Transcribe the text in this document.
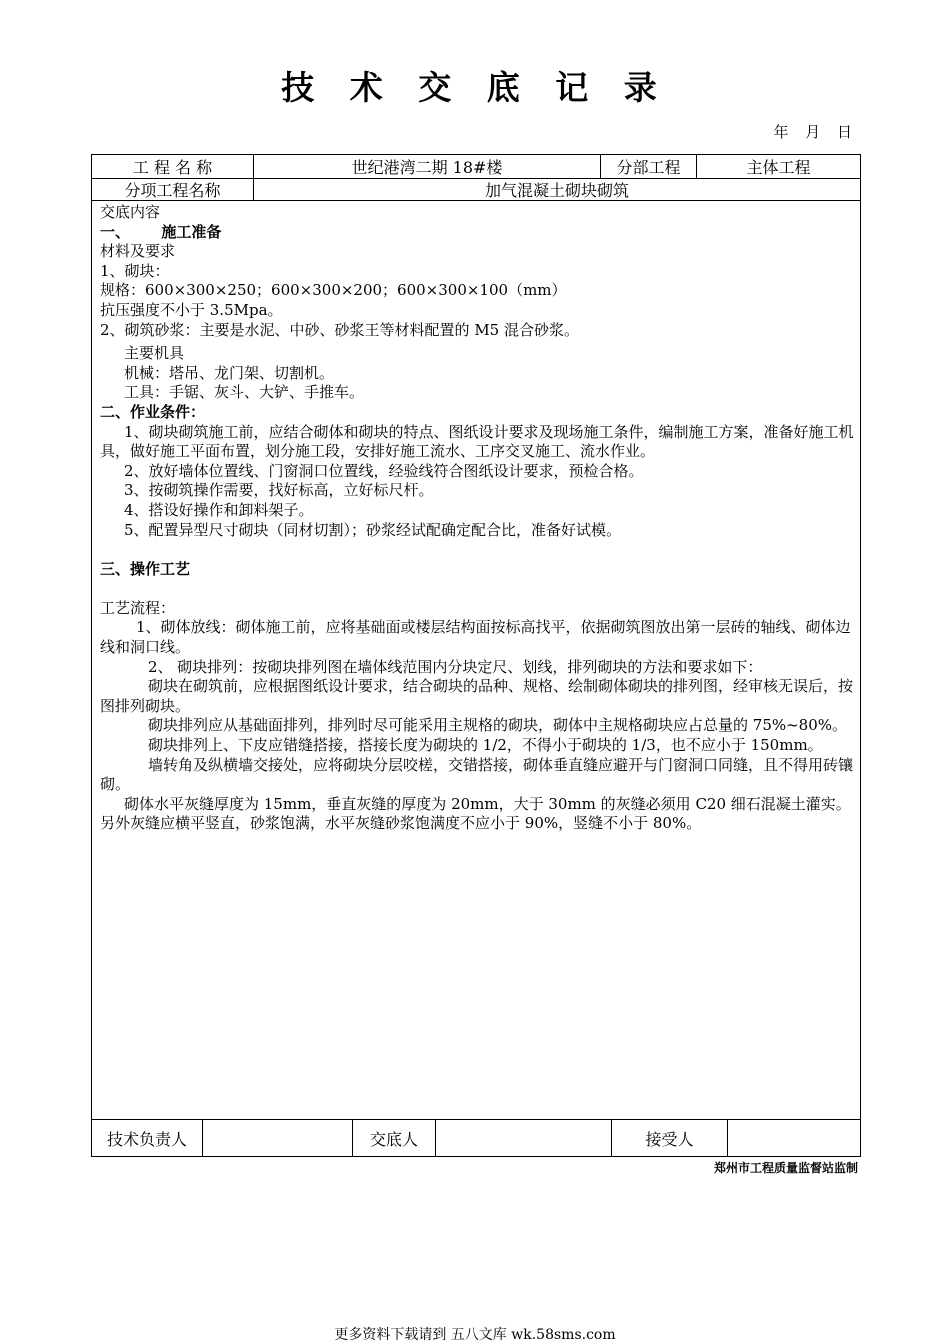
技 术 交 底 记 录
年 月 日
工 程 名 称	世纪港湾二期 18#楼	分部工程	主体工程
分项工程名称	加气混凝土砌块砌筑

交底内容

一、      施工准备

材料及要求

1、砌块：

规格：600×300×250；600×300×200；600×300×100（mm）

抗压强度不小于 3.5Mpa。

2、砌筑砂浆：主要是水泥、中砂、砂浆王等材料配置的 M5 混合砂浆。

主要机具

机械：塔吊、龙门架、切割机。

工具：手锯、灰斗、大铲、手推车。

二、作业条件：

1、砌块砌筑施工前，应结合砌体和砌块的特点、图纸设计要求及现场施工条件，编制施工方案，准备好施工机具，做好施工平面布置，划分施工段，安排好施工流水、工序交叉施工、流水作业。

2、放好墙体位置线、门窗洞口位置线，经验线符合图纸设计要求，预检合格。

3、按砌筑操作需要，找好标高，立好标尺杆。

4、搭设好操作和卸料架子。

5、配置异型尺寸砌块（同材切割）；砂浆经试配确定配合比，准备好试模。

三、操作工艺

工艺流程：

1、砌体放线：砌体施工前，应将基础面或楼层结构面按标高找平，依据砌筑图放出第一层砖的轴线、砌体边线和洞口线。

2、 砌块排列：按砌块排列图在墙体线范围内分块定尺、划线，排列砌块的方法和要求如下：

砌块在砌筑前，应根据图纸设计要求，结合砌块的品种、规格、绘制砌体砌块的排列图，经审核无误后，按图排列砌块。

砌块排列应从基础面排列，排列时尽可能采用主规格的砌块，砌体中主规格砌块应占总量的 75%~80%。

砌块排列上、下皮应错缝搭接，搭接长度为砌块的 1/2，不得小于砌块的 1/3，也不应小于 150mm。

墙转角及纵横墙交接处，应将砌块分层咬槎，交错搭接，砌体垂直缝应避开与门窗洞口同缝，且不得用砖镶砌。

砌体水平灰缝厚度为 15mm，垂直灰缝的厚度为 20mm，大于 30mm 的灰缝必须用 C20 细石混凝土灌实。另外灰缝应横平竖直，砂浆饱满，水平灰缝砂浆饱满度不应小于 90%，竖缝不小于 80%。

技术负责人	交底人	接受人
郑州市工程质量监督站监制
更多资料下载请到 五八文库 wk.58sms.com
